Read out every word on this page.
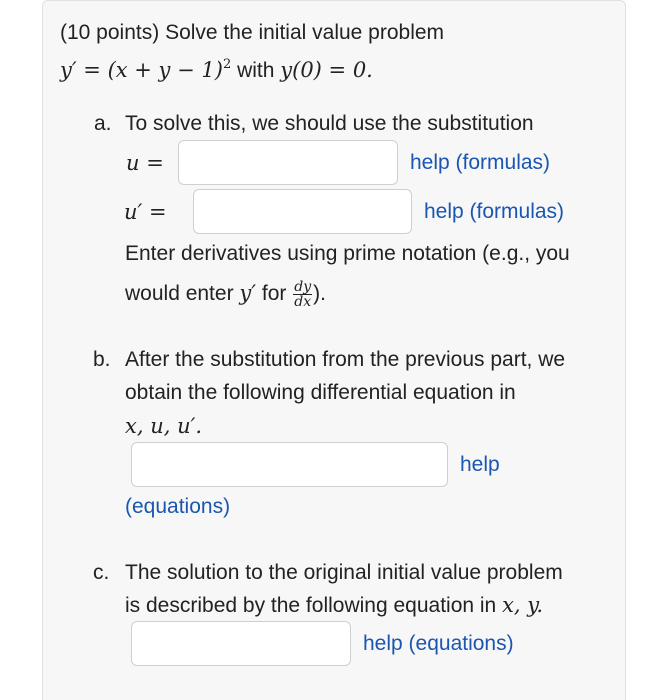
(10 points) Solve the initial value problem
$y' = (x + y - 1)^2$ with y(0) = 0.
a. To solve this, we should use the substitution
u =	help (formulas)
u′ =	help (formulas)
Enter derivatives using prime notation (e.g., you
would enter y′ for $\frac{dy}{dx}$ ).
b. After the substitution from the previous part, we
obtain the following differential equation in
x, u, u′.
help
(equations)
c. The solution to the original initial value problem
is described by the following equation in x, y.
help (equations)
